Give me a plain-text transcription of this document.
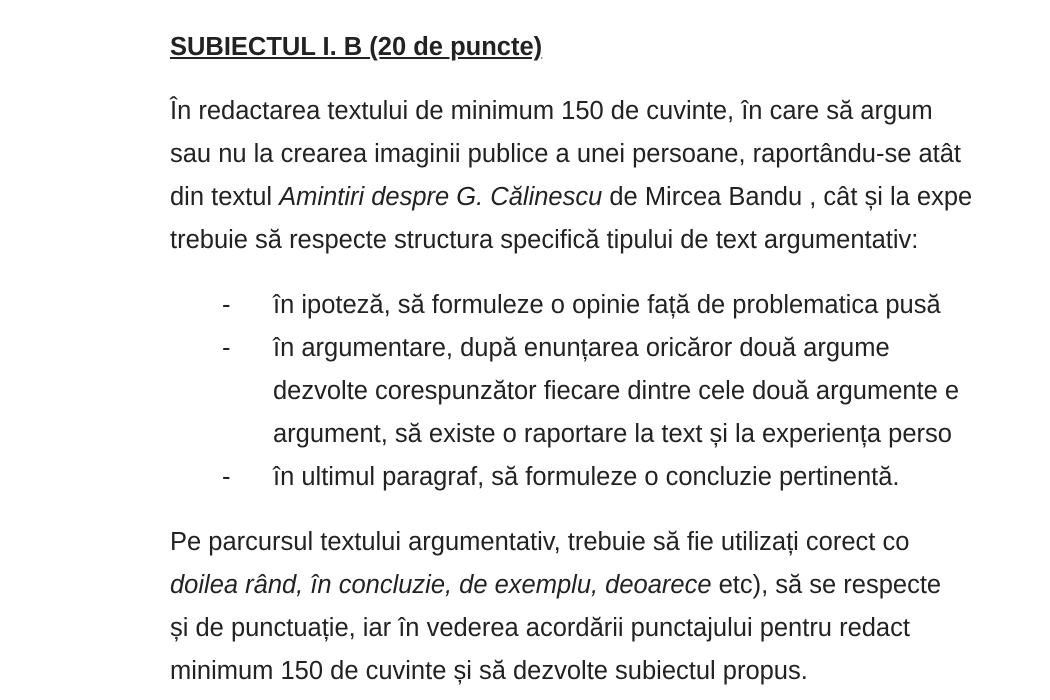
SUBIECTUL I. B (20 de puncte)

În redactarea textului de minimum 150 de cuvinte, în care să argum
sau nu la crearea imaginii publice a unei persoane, raportându-se atât
din textul Amintiri despre G. Călinescu de Mircea Bandu , cât și la expe
trebuie să respecte structura specifică tipului de text argumentativ:

- în ipoteză, să formuleze o opinie față de problematica pusă
- în argumentare, după enunțarea oricăror două argume
dezvolte corespunzător fiecare dintre cele două argumente e
argument, să existe o raportare la text și la experiența perso
- în ultimul paragraf, să formuleze o concluzie pertinentă.

Pe parcursul textului argumentativ, trebuie să fie utilizați corect co
doilea rând, în concluzie, de exemplu, deoarece etc), să se respecte
și de punctuație, iar în vederea acordării punctajului pentru redact
minimum 150 de cuvinte și să dezvolte subiectul propus.
